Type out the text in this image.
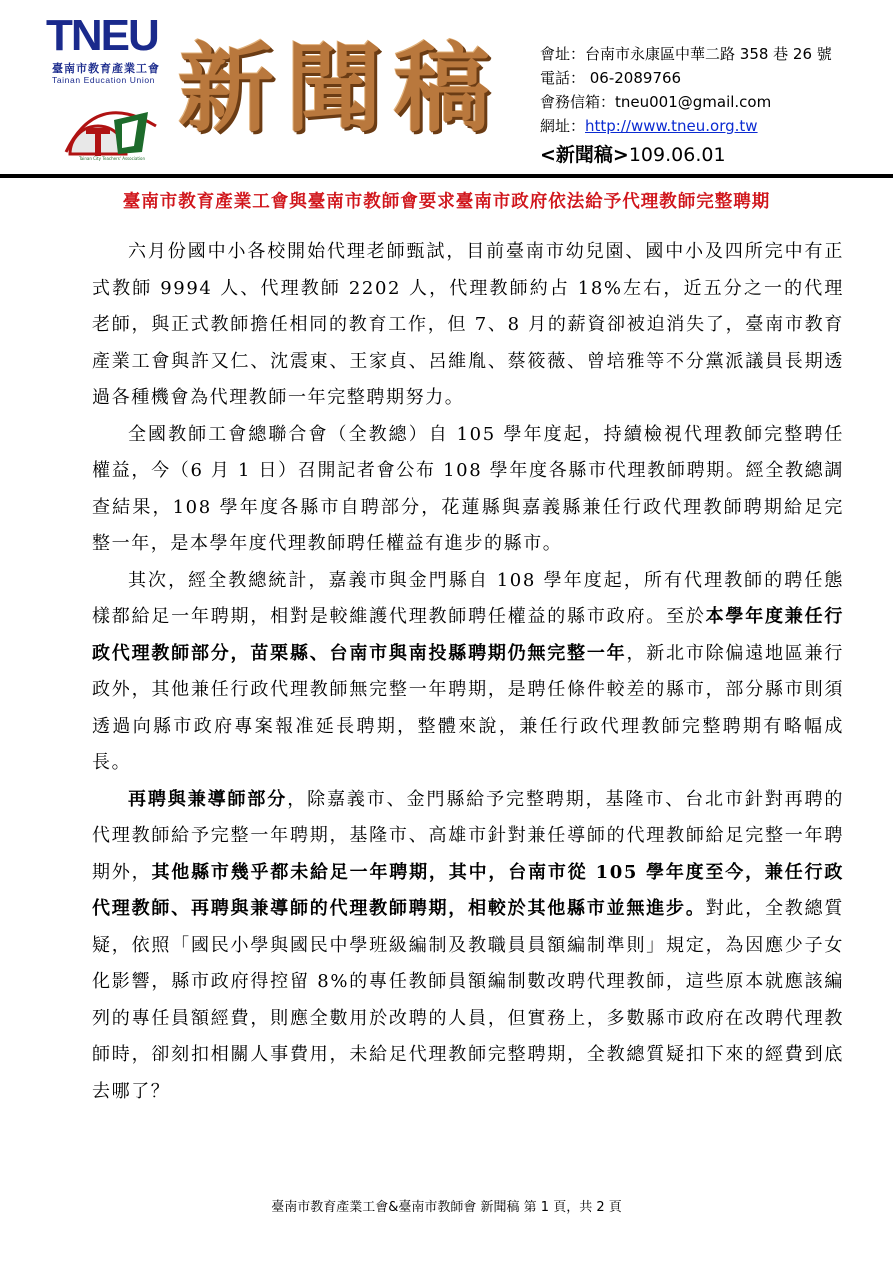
TNEU
臺南市教育產業工會
Tainan Education Union
Tainan City Teachers' Association
新聞稿	會址：台南市永康區中華二路 358 巷 26 號
電話： 06-2089766
會務信箱：tneu001@gmail.com
網址：http://www.tneu.org.tw
<新聞稿>109.06.01
臺南市教育產業工會與臺南市教師會要求臺南市政府依法給予代理教師完整聘期

六月份國中小各校開始代理老師甄試，目前臺南市幼兒園、國中小及四所完中有正式教師 9994 人、代理教師 2202 人，代理教師約占 18%左右，近五分之一的代理老師，與正式教師擔任相同的教育工作，但 7、8 月的薪資卻被迫消失了，臺南市教育產業工會與許又仁、沈震東、王家貞、呂維胤、蔡筱薇、曾培雅等不分黨派議員長期透過各種機會為代理教師一年完整聘期努力。

全國教師工會總聯合會（全教總）自 105 學年度起，持續檢視代理教師完整聘任權益，今（6 月 1 日）召開記者會公布 108 學年度各縣市代理教師聘期。經全教總調查結果，108 學年度各縣市自聘部分，花蓮縣與嘉義縣兼任行政代理教師聘期給足完整一年，是本學年度代理教師聘任權益有進步的縣市。

其次，經全教總統計，嘉義市與金門縣自 108 學年度起，所有代理教師的聘任態樣都給足一年聘期，相對是較維護代理教師聘任權益的縣市政府。至於本學年度兼任行政代理教師部分，苗栗縣、台南市與南投縣聘期仍無完整一年，新北市除偏遠地區兼行政外，其他兼任行政代理教師無完整一年聘期，是聘任條件較差的縣市，部分縣市則須透過向縣市政府專案報准延長聘期，整體來說，兼任行政代理教師完整聘期有略幅成長。

再聘與兼導師部分，除嘉義市、金門縣給予完整聘期，基隆市、台北市針對再聘的代理教師給予完整一年聘期，基隆市、高雄市針對兼任導師的代理教師給足完整一年聘期外，其他縣市幾乎都未給足一年聘期，其中，台南市從 105 學年度至今，兼任行政代理教師、再聘與兼導師的代理教師聘期，相較於其他縣市並無進步。對此，全教總質疑，依照「國民小學與國民中學班級編制及教職員員額編制準則」規定，為因應少子女化影響，縣市政府得控留 8%的專任教師員額編制數改聘代理教師，這些原本就應該編列的專任員額經費，則應全數用於改聘的人員，但實務上，多數縣市政府在改聘代理教師時，卻刻扣相關人事費用，未給足代理教師完整聘期，全教總質疑扣下來的經費到底去哪了？

臺南市教育產業工會&臺南市教師會 新聞稿 第 1 頁，共 2 頁
